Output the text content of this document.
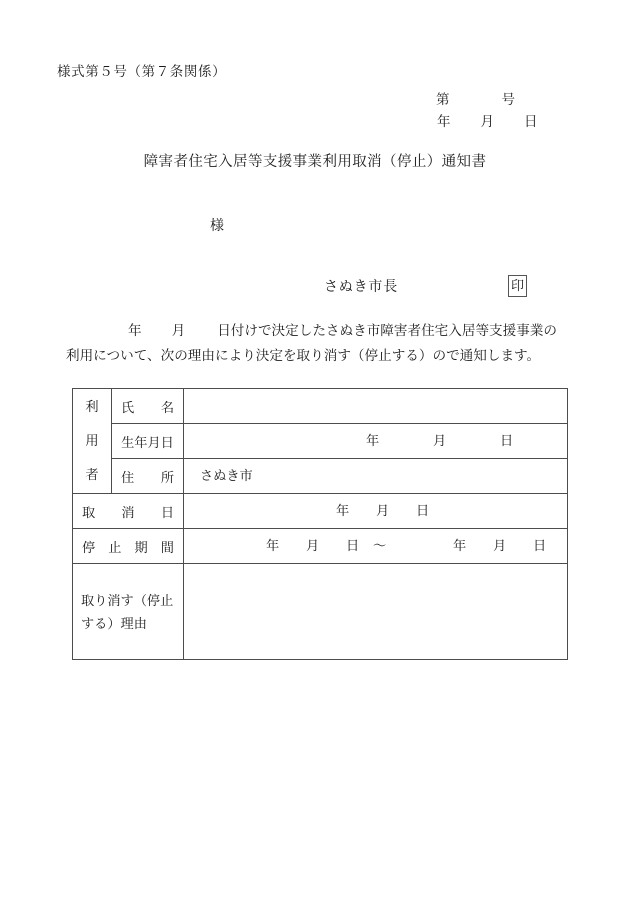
様式第５号（第７条関係）
第	号
年 月 日
障害者住宅入居等支援事業利用取消（停止）通知書
様
さぬき市長	印
年 月 日付けで決定したさぬき市障害者住宅入居等支援事業の利用について、次の理由により決定を取り消す（停止する）ので通知します。
利
用
者

氏 名

	生年月日	年 月 日

	住 所	さぬき市

取 消 日		年 月 日

停 止 期 間	年 月 日 〜	年 月 日

取り消す（停止
する）理由		
